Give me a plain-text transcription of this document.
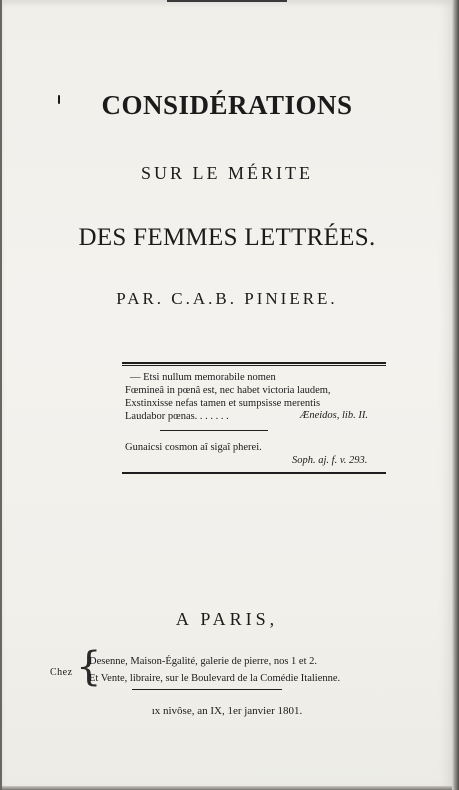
CONSIDÉRATIONS
SUR LE MÉRITE
DES FEMMES LETTRÉES.
PAR. C.A.B. PINIERE.
— Etsi nullum memorabile nomen
Fœmineâ in pœnâ est, nec habet victoria laudem,
Exstinxisse nefas tamen et sumpsisse merentis
Laudabor pœnas. . . . . . .	Æneidos, lib. II.
Gunaicsi cosmon aî sigaî pherei.
Soph. aj. f. v. 293.
A PARIS,
Chez {
Desenne, Maison-Égalité, galerie de pierre, nos 1 et 2.
Et Vente, libraire, sur le Boulevard de la Comédie Italienne.
ıx nivôse, an IX, 1er janvier 1801.
